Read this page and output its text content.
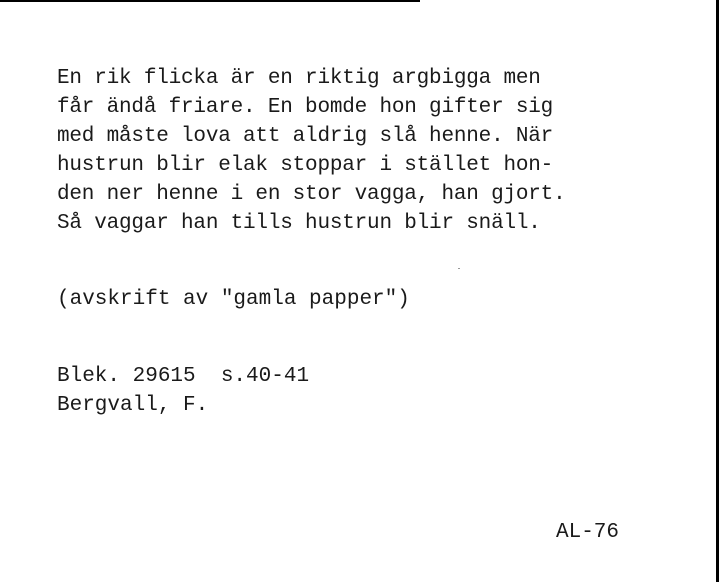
En rik flicka är en riktig argbigga men
får ändå friare. En bomde hon gifter sig
med måste lova att aldrig slå henne. När
hustrun blir elak stoppar i stället hon-
den ner henne i en stor vagga, han gjort.
Så vaggar han tills hustrun blir snäll.
(avskrift av "gamla papper")
Blek. 29615  s.40-41
Bergvall, F.
AL-76
